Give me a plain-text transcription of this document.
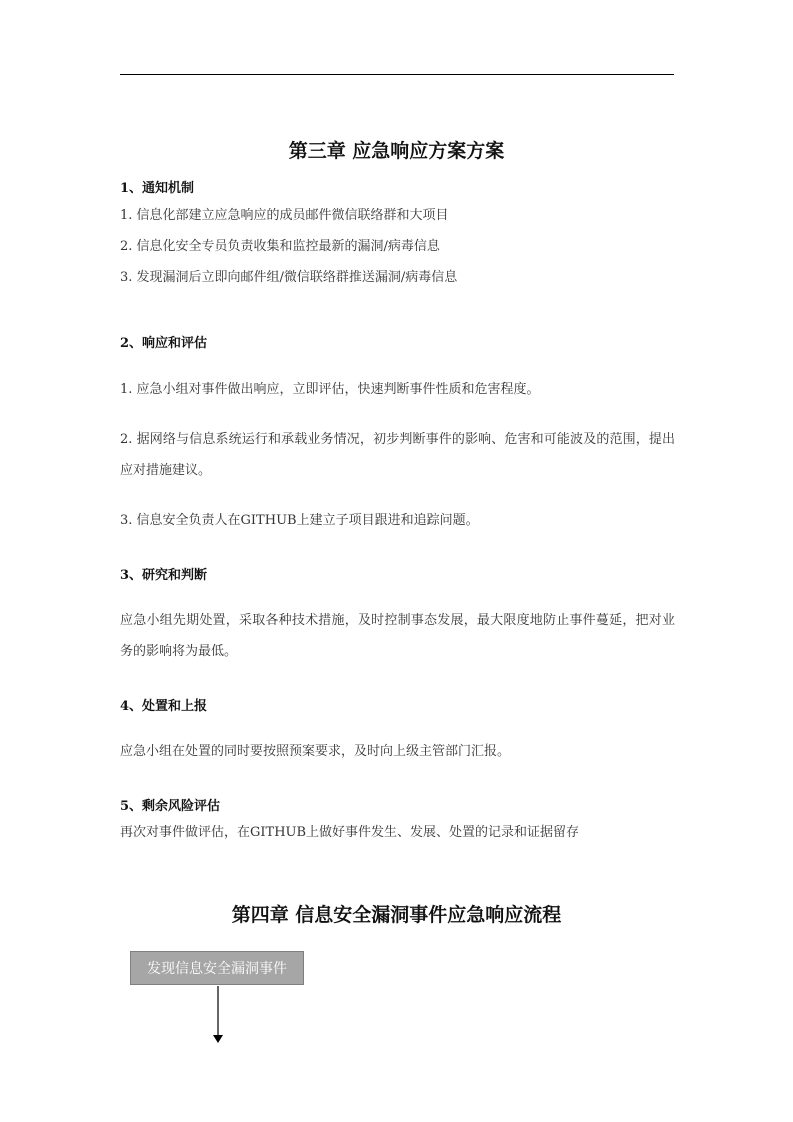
第三章 应急响应方案方案
1、通知机制

1. 信息化部建立应急响应的成员邮件微信联络群和大项目

2. 信息化安全专员负责收集和监控最新的漏洞/病毒信息

3. 发现漏洞后立即向邮件组/微信联络群推送漏洞/病毒信息

2、响应和评估

1. 应急小组对事件做出响应，立即评估，快速判断事件性质和危害程度。

2. 据网络与信息系统运行和承载业务情况，初步判断事件的影响、危害和可能波及的范围，提出应对措施建议。

3. 信息安全负责人在GITHUB上建立子项目跟进和追踪问题。

3、研究和判断

应急小组先期处置，采取各种技术措施，及时控制事态发展，最大限度地防止事件蔓延，把对业务的影响将为最低。

4、处置和上报

应急小组在处置的同时要按照预案要求，及时向上级主管部门汇报。

5、剩余风险评估

再次对事件做评估，在GITHUB上做好事件发生、发展、处置的记录和证据留存

第四章 信息安全漏洞事件应急响应流程
发现信息安全漏洞事件
